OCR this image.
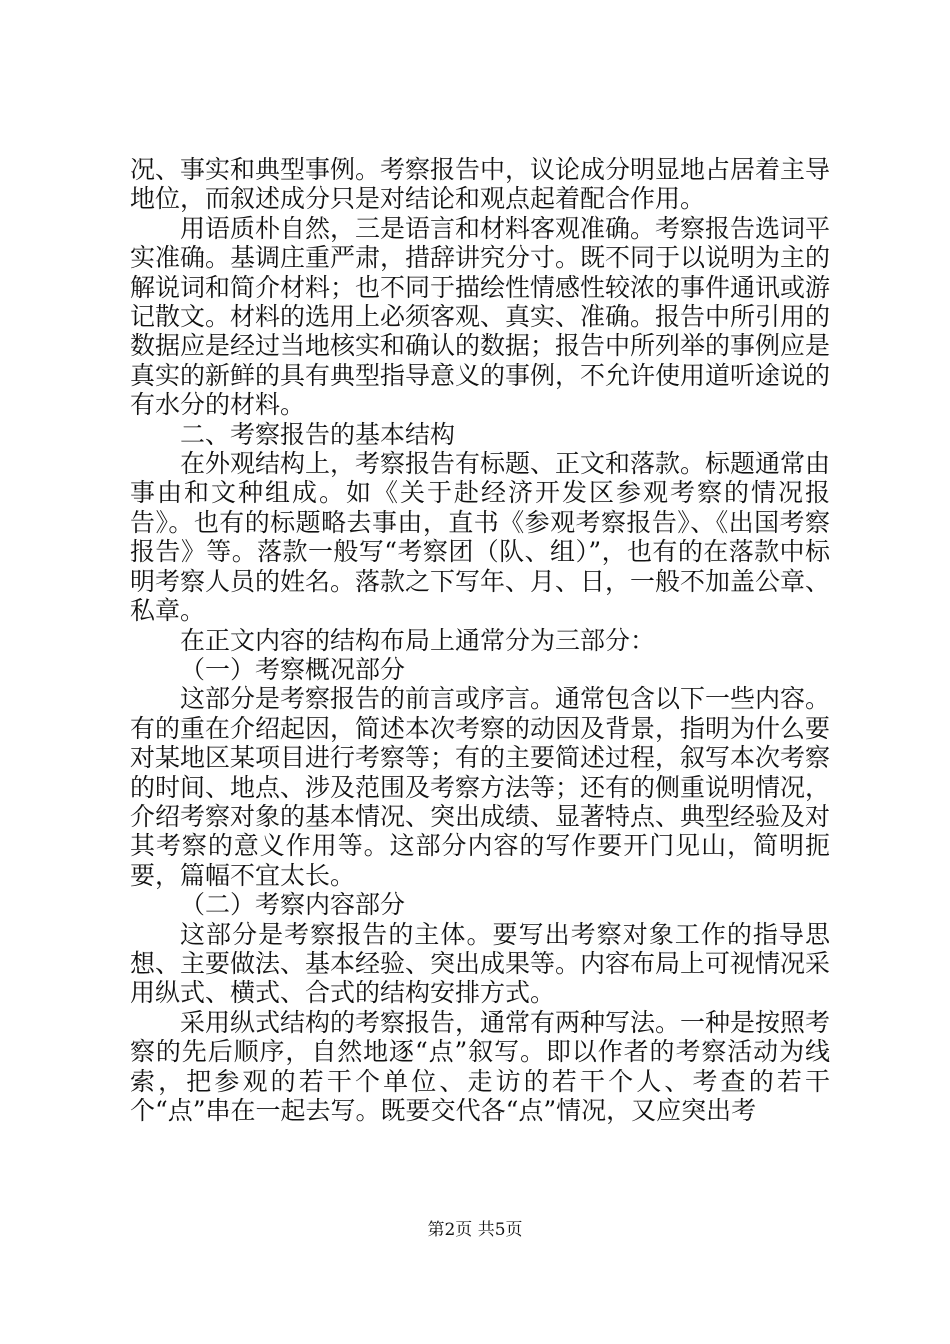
况、事实和典型事例。考察报告中，议论成分明显地占居着主导地位，而叙述成分只是对结论和观点起着配合作用。

用语质朴自然，三是语言和材料客观准确。考察报告选词平实准确。基调庄重严肃，措辞讲究分寸。既不同于以说明为主的解说词和简介材料；也不同于描绘性情感性较浓的事件通讯或游记散文。材料的选用上必须客观、真实、准确。报告中所引用的数据应是经过当地核实和确认的数据；报告中所列举的事例应是真实的新鲜的具有典型指导意义的事例，不允许使用道听途说的有水分的材料。

二、考察报告的基本结构

在外观结构上，考察报告有标题、正文和落款。标题通常由事由和文种组成。如《关于赴经济开发区参观考察的情况报告》。也有的标题略去事由，直书《参观考察报告》、《出国考察报告》等。落款一般写“考察团（队、组）”，也有的在落款中标明考察人员的姓名。落款之下写年、月、日，一般不加盖公章、私章。

在正文内容的结构布局上通常分为三部分：

（一）考察概况部分

这部分是考察报告的前言或序言。通常包含以下一些内容。有的重在介绍起因，简述本次考察的动因及背景，指明为什么要对某地区某项目进行考察等；有的主要简述过程，叙写本次考察的时间、地点、涉及范围及考察方法等；还有的侧重说明情况，介绍考察对象的基本情况、突出成绩、显著特点、典型经验及对其考察的意义作用等。这部分内容的写作要开门见山，简明扼要，篇幅不宜太长。

（二）考察内容部分

这部分是考察报告的主体。要写出考察对象工作的指导思想、主要做法、基本经验、突出成果等。内容布局上可视情况采用纵式、横式、合式的结构安排方式。

采用纵式结构的考察报告，通常有两种写法。一种是按照考察的先后顺序，自然地逐“点”叙写。即以作者的考察活动为线索，把参观的若干个单位、走访的若干个人、考查的若干个“点”串在一起去写。既要交代各“点”情况，又应突出考

第2页 共5页
